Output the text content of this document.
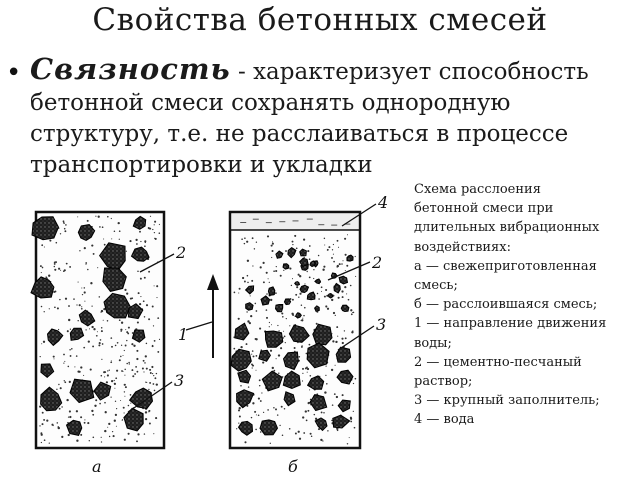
Свойства бетонных смесей
• Связность - характеризует способность
бетонной смеси сохранять однородную
структуру, т.е. не расслаиваться в процессе
транспортировки и укладки
Схема расслоения
бетонной смеси при
длительных вибрационных
воздействиях:
а — свежеприготовленная
смесь;
б — расслоившаяся смесь;
1 — направление движения
воды;
2 — цементно-песчаный
раствор;
3 — крупный заполнитель;
4 — вода
1
2
3
2
3
4
а	б
